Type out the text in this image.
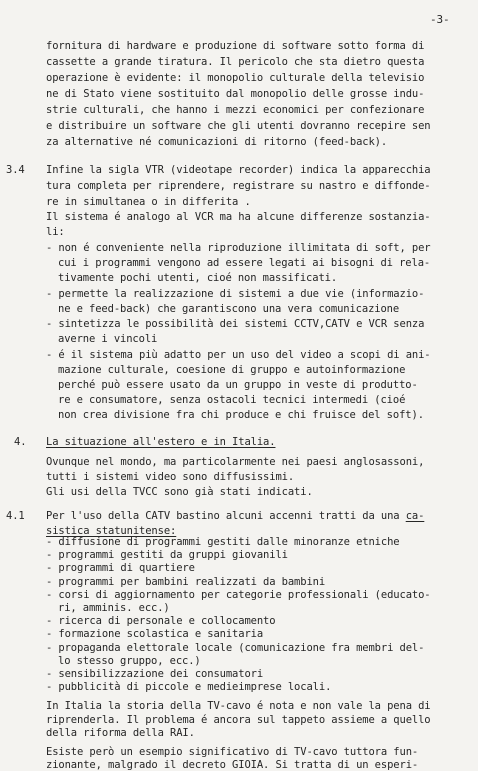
-3-
fornitura di hardware e produzione di software sotto forma di
cassette a grande tiratura. Il pericolo che sta dietro questa
operazione è evidente: il monopolio culturale della televisio
ne di Stato viene sostituito dal monopolio delle grosse indu-
strie culturali, che hanno i mezzi economici per confezionare
e distribuire un software che gli utenti dovranno recepire sen
za alternative né comunicazioni di ritorno (feed-back).
3.4 Infine la sigla VTR (videotape recorder) indica la apparecchia
tura completa per riprendere, registrare su nastro e diffonde-
re in simultanea o in differita .
Il sistema é analogo al VCR ma ha alcune differenze sostanzia-
li:
- non é conveniente nella riproduzione illimitata di soft, per
cui i programmi vengono ad essere legati ai bisogni di rela-
tivamente pochi utenti, cioé non massificati.
- permette la realizzazione di sistemi a due vie (informazio-
ne e feed-back) che garantiscono una vera comunicazione
- sintetizza le possibilità dei sistemi CCTV,CATV e VCR senza
averne i vincoli
- é il sistema più adatto per un uso del video a scopi di ani-
mazione culturale, coesione di gruppo e autoinformazione
perché può essere usato da un gruppo in veste di produtto-
re e consumatore, senza ostacoli tecnici intermedi (cioé
non crea divisione fra chi produce e chi fruisce del soft).
4. La situazione all'estero e in Italia.
Ovunque nel mondo, ma particolarmente nei paesi anglosassoni,
tutti i sistemi video sono diffusissimi.
Gli usi della TVCC sono già stati indicati.
4.1 Per l'uso della CATV bastino alcuni accenni tratti da una ca-
sistica statunitense:
- diffusione di programmi gestiti dalle minoranze etniche
- programmi gestiti da gruppi giovanili
- programmi di quartiere
- programmi per bambini realizzati da bambini
- corsi di aggiornamento per categorie professionali (educato-
ri, amminis. ecc.)
- ricerca di personale e collocamento
- formazione scolastica e sanitaria
- propaganda elettorale locale (comunicazione fra membri del-
lo stesso gruppo, ecc.)
- sensibilizzazione dei consumatori
- pubblicità di piccole e medieimprese locali.
In Italia la storia della TV-cavo é nota e non vale la pena di
riprenderla. Il problema é ancora sul tappeto assieme a quello
della riforma della RAI.
Esiste però un esempio significativo di TV-cavo tuttora fun-
zionante, malgrado il decreto GIOIA. Si tratta di un esperi-
